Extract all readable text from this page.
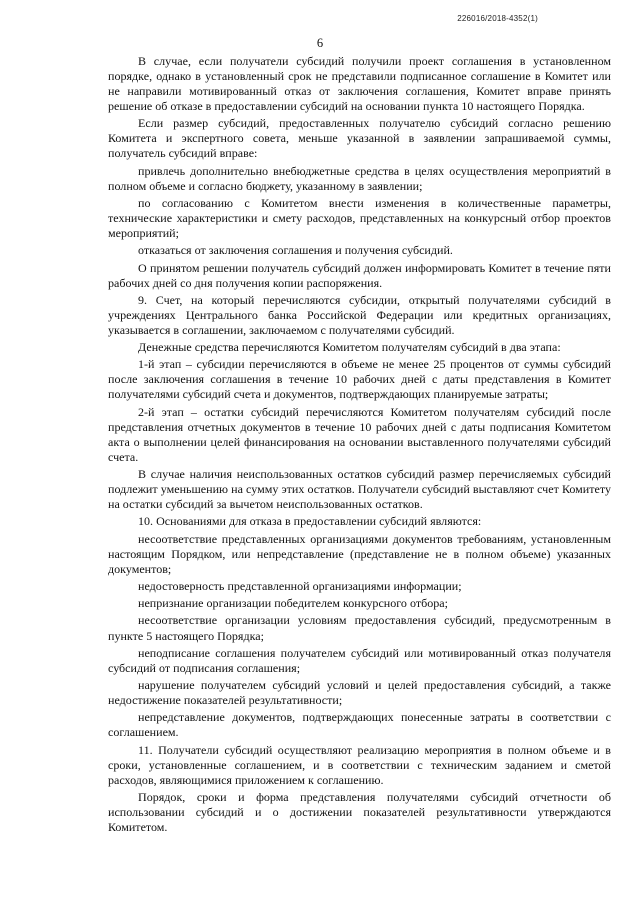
226016/2018-4352(1)
6

В случае, если получатели субсидий получили проект соглашения в установленном порядке, однако в установленный срок не представили подписанное соглашение в Комитет или не направили мотивированный отказ от заключения соглашения, Комитет вправе принять решение об отказе в предоставлении субсидий на основании пункта 10 настоящего Порядка.

Если размер субсидий, предоставленных получателю субсидий согласно решению Комитета и экспертного совета, меньше указанной в заявлении запрашиваемой суммы, получатель субсидий вправе:

привлечь дополнительно внебюджетные средства в целях осуществления мероприятий в полном объеме и согласно бюджету, указанному в заявлении;

по согласованию с Комитетом внести изменения в количественные параметры, технические характеристики и смету расходов, представленных на конкурсный отбор проектов мероприятий;

отказаться от заключения соглашения и получения субсидий.

О принятом решении получатель субсидий должен информировать Комитет в течение пяти рабочих дней со дня получения копии распоряжения.

9. Счет, на который перечисляются субсидии, открытый получателями субсидий в учреждениях Центрального банка Российской Федерации или кредитных организациях, указывается в соглашении, заключаемом с получателями субсидий.

Денежные средства перечисляются Комитетом получателям субсидий в два этапа:

1-й этап – субсидии перечисляются в объеме не менее 25 процентов от суммы субсидий после заключения соглашения в течение 10 рабочих дней с даты представления в Комитет получателями субсидий счета и документов, подтверждающих планируемые затраты;

2-й этап – остатки субсидий перечисляются Комитетом получателям субсидий после представления отчетных документов в течение 10 рабочих дней с даты подписания Комитетом акта о выполнении целей финансирования на основании выставленного получателями субсидий счета.

В случае наличия неиспользованных остатков субсидий размер перечисляемых субсидий подлежит уменьшению на сумму этих остатков. Получатели субсидий выставляют счет Комитету на остатки субсидий за вычетом неиспользованных остатков.

10. Основаниями для отказа в предоставлении субсидий являются:

несоответствие представленных организациями документов требованиям, установленным настоящим Порядком, или непредставление (представление не в полном объеме) указанных документов;

недостоверность представленной организациями информации;

непризнание организации победителем конкурсного отбора;

несоответствие организации условиям предоставления субсидий, предусмотренным в пункте 5 настоящего Порядка;

неподписание соглашения получателем субсидий или мотивированный отказ получателя субсидий от подписания соглашения;

нарушение получателем субсидий условий и целей предоставления субсидий, а также недостижение показателей результативности;

непредставление документов, подтверждающих понесенные затраты в соответствии с соглашением.

11. Получатели субсидий осуществляют реализацию мероприятия в полном объеме и в сроки, установленные соглашением, и в соответствии с техническим заданием и сметой расходов, являющимися приложением к соглашению.

Порядок, сроки и форма представления получателями субсидий отчетности об использовании субсидий и о достижении показателей результативности утверждаются Комитетом.
